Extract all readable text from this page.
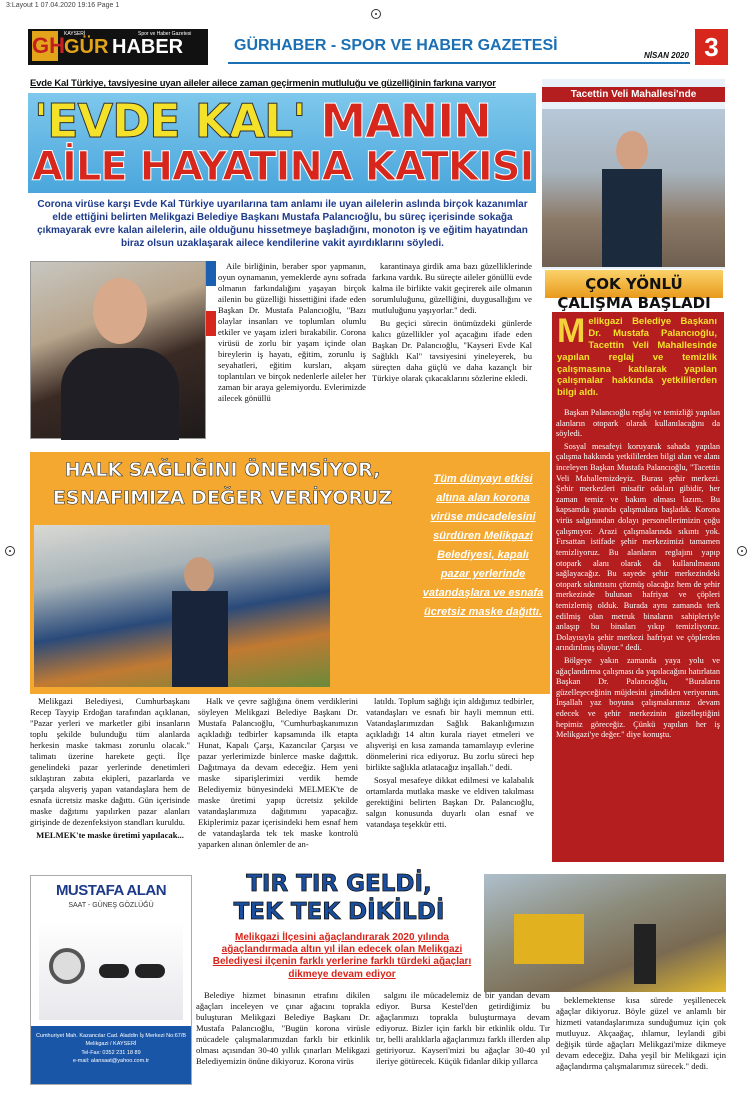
3:Layout 1 07.04.2020 19:16 Page 1
GH KAYSERİ
GÜR HABER
Spor ve Haber Gazetesi
GÜRHABER - SPOR VE HABER GAZETESİ
NİSAN 2020 3
Evde Kal Türkiye, tavsiyesine uyan aileler ailece zaman geçirmenin mutluluğu ve güzelliğinin farkına varıyor
'EVDE KAL' MANIN
AİLE HAYATINA KATKISI
Corona virüse karşı Evde Kal Türkiye uyarılarına tam anlamı ile uyan ailelerin aslında birçok kazanımlar elde ettiğini belirten Melikgazi Belediye Başkanı Mustafa Palancıoğlu, bu süreç içerisinde sokağa çıkmayarak evre kalan ailelerin, aile olduğunu hissetmeye başladığını, monoton iş ve eğitim hayatından biraz olsun uzaklaşarak ailece kendilerine vakit ayırdıklarını söyledi.

Aile birliğinin, beraber spor yapmanın, oyun oynamanın, yemeklerde aynı sofrada olmanın farkındalığını yaşayan birçok ailenin bu güzelliği hissettiğini ifade eden Başkan Dr. Mustafa Palancıoğlu, "Bazı olaylar insanları ve toplumları olumlu etkiler ve yaşam izleri bırakabilir. Corona virüsü de zorlu bir yaşam içinde olan bireylerin iş hayatı, eğitim, zorunlu iş seyahatleri, eğitim kursları, akşam toplantıları ve birçok nedenlerle aileler her zaman bir araya gelemiyordu. Evlerimizde ailecek gönüllü

karantinaya girdik ama bazı güzelliklerinde farkına vardık. Bu süreçte aileler gönüllü evde kalma ile birlikte vakit geçirerek aile olmanın sorumluluğunu, güzelliğini, duygusallığını ve mutluluğunu yaşıyorlar." dedi.

Bu geçici sürecin önümüzdeki günlerde kalıcı güzellikler yol açacağını ifade eden Başkan Dr. Palancıoğlu, "Kayseri Evde Kal Sağlıklı Kal" tavsiyesini yineleyerek, bu süreçten daha güçlü ve daha kazançlı bir Türkiye olarak çıkacaklarını sözlerine ekledi.

Tacettin Veli Mahallesi'nde
ÇOK YÖNLÜ
ÇALIŞMA BAŞLADI
Melikgazi Belediye Başkanı Dr. Mustafa Palancıoğlu, Tacettin Veli Mahallesinde yapılan reglaj ve temizlik çalışmasına katılarak yapılan çalışmalar hakkında yetkililerden bilgi aldı.

Başkan Palancıoğlu reglaj ve temizliği yapılan alanların otopark olarak kullanılacağını da söyledi.

Sosyal mesafeyi koruyarak sahada yapılan çalışma hakkında yetkililerden bilgi alan ve alanı inceleyen Başkan Mustafa Palancıoğlu, "Tacettin Veli Mahallemizdeyiz. Burası şehir merkezi. Şehir merkezleri misafir odaları gibidir, her zaman temiz ve bakım olması lazım. Bu kapsamda şuanda çalışmalara başladık. Korona virüs salgınından dolayı personellerimizin çoğu çalışmıyor. Arazi çalışmalarında sıkıntı yok. Fırsattan istifade şehir merkezimizi tamamen temizliyoruz. Bu alanların reglajını yapıp otopark alanı olarak da kullanılmasını sağlayacağız. Bu sayede şehir merkezindeki otopark sıkıntısını çözmüş olacağız hem de şehir merkezinde bulunan hafriyat ve çöpleri temizlemiş olduk. Burada aynı zamanda terk edilmiş olan metruk binaların sahipleriyle anlaşıp bu binaları yıkıp temizliyoruz. Dolayısıyla şehir merkezi hafriyat ve çöplerden arındırılmış oluyor." dedi.

Bölgeye yakın zamanda yaya yolu ve ağaçlandırma çalışması da yapılacağını hatırlatan Başkan Dr. Palancıoğlu, "Buraların güzelleşeceğinin müjdesini şimdiden veriyorum. İnşallah yaz boyuna çalışmalarımız devam edecek ve şehir merkezinin güzelleştiğini hepimiz göreceğiz. Çünkü yapılan her iş Melikgazi'ye değer." diye konuştu.

HALK SAĞLIĞINI ÖNEMSİYOR,
ESNAFIMIZA DEĞER VERİYORUZ
Tüm dünyayı etkisi altına alan korona virüse mücadelesini sürdüren Melikgazi Belediyesi, kapalı pazar yerlerinde vatandaşlara ve esnafa ücretsiz maske dağıttı.

Melikgazi Belediyesi, Cumhurbaşkanı Recep Tayyip Erdoğan tarafından açıklanan, "Pazar yerleri ve marketler gibi insanların toplu şekilde bulunduğu tüm alanlarda herkesin maske takması zorunlu olacak." talimatı üzerine harekete geçti. İlçe genelindeki pazar yerlerinde denetimleri sıklaştıran zabıta ekipleri, pazarlarda ve çarşıda alışveriş yapan vatandaşlara hem de esnafa ücretsiz maske dağıttı. Gün içerisinde maske dağıtımı yapılırken pazar alanları girişinde de dezenfeksiyon standları kuruldu.

MELMEK'te maske üretimi yapılacak...

Halk ve çevre sağlığına önem verdiklerini söyleyen Melikgazi Belediye Başkanı Dr. Mustafa Palancıoğlu, "Cumhurbaşkanımızın açıkladığı tedbirler kapsamında ilk etapta Hunat, Kapalı Çarşı, Kazancılar Çarşısı ve pazar yerlerimizde binlerce maske dağıttık. Dağıtmaya da devam edeceğiz. Hem yeni maske siparişlerimizi verdik hemde Belediyemiz bünyesindeki MELMEK'te de maske üretimi yapıp ücretsiz şekilde vatandaşlarımıza dağıtımını yapacağız. Ekiplerimiz pazar içerisindeki hem esnaf hem de vatandaşlarda tek tek maske kontrolü yaparken alınan önlemler de an-

latıldı. Toplum sağlığı için aldığımız tedbirler, vatandaşları ve esnafı bir hayli memnun etti. Vatandaşlarımızdan Sağlık Bakanlığımızın açıkladığı 14 altın kurala riayet etmeleri ve alışverişi en kısa zamanda tamamlayıp evlerine dönmelerini rica ediyoruz. Bu zorlu süreci hep birlikte sağlıkla atlatacağız inşallah." dedi.

Sosyal mesafeye dikkat edilmesi ve kalabalık ortamlarda mutlaka maske ve eldiven takılması gerektiğini belirten Başkan Dr. Palancıoğlu, salgın konusunda duyarlı olan esnaf ve vatandaşa teşekkür etti.

MUSTAFA ALAN
SAAT - GÜNEŞ GÖZLÜĞÜ
Cumhuriyet Mah. Kazancılar Cad. Aladdin İş Merkezi No:67/B
Melikgazi / KAYSERİ
Tel-Fax: 0352 231 18 89
e-mail: alansaat@yahoo.com.tr
TIR TIR GELDİ,
TEK TEK DİKİLDİ
Melikgazi İlçesini ağaçlandırarak 2020 yılında ağaçlandırmada altın yıl ilan edecek olan Melikgazi Belediyesi ilçenin farklı yerlerine farklı türdeki ağaçları dikmeye devam ediyor

Belediye hizmet binasının etrafını dikilen ağaçları inceleyen ve çınar ağacını toprakla buluşturan Melikgazi Belediye Başkanı Dr. Mustafa Palancıoğlu, "Bugün korona virüsle mücadele çalışmalarımızdan farklı bir etkinlik olması açısından 30-40 yıllık çınarları Melikgazi Belediyemizin önüne dikiyoruz. Korona virüs

salgını ile mücadelemiz de bir yandan devam ediyor. Bursa Kestel'den getirdiğimiz bu ağaçlarımızı toprakla buluşturmaya devam ediyoruz. Bizler için farklı bir etkinlik oldu. Tır tır, belli aralıklarla ağaçlarımızı farklı illerden alıp getiriyoruz. Kayseri'mizi bu ağaçlar 30-40 yıl ileriye götürecek. Küçük fidanlar dikip yıllarca

beklemektense kısa sürede yeşillenecek ağaçlar dikiyoruz. Böyle güzel ve anlamlı bir hizmeti vatandaşlarımıza sunduğumuz için çok mutluyuz. Akçaağaç, ıhlamur, leylandi gibi değişik türde ağaçları Melikgazi'mize dikmeye devam edeceğiz. Daha yeşil bir Melikgazi için ağaçlandırma çalışmalarımız sürecek." dedi.
